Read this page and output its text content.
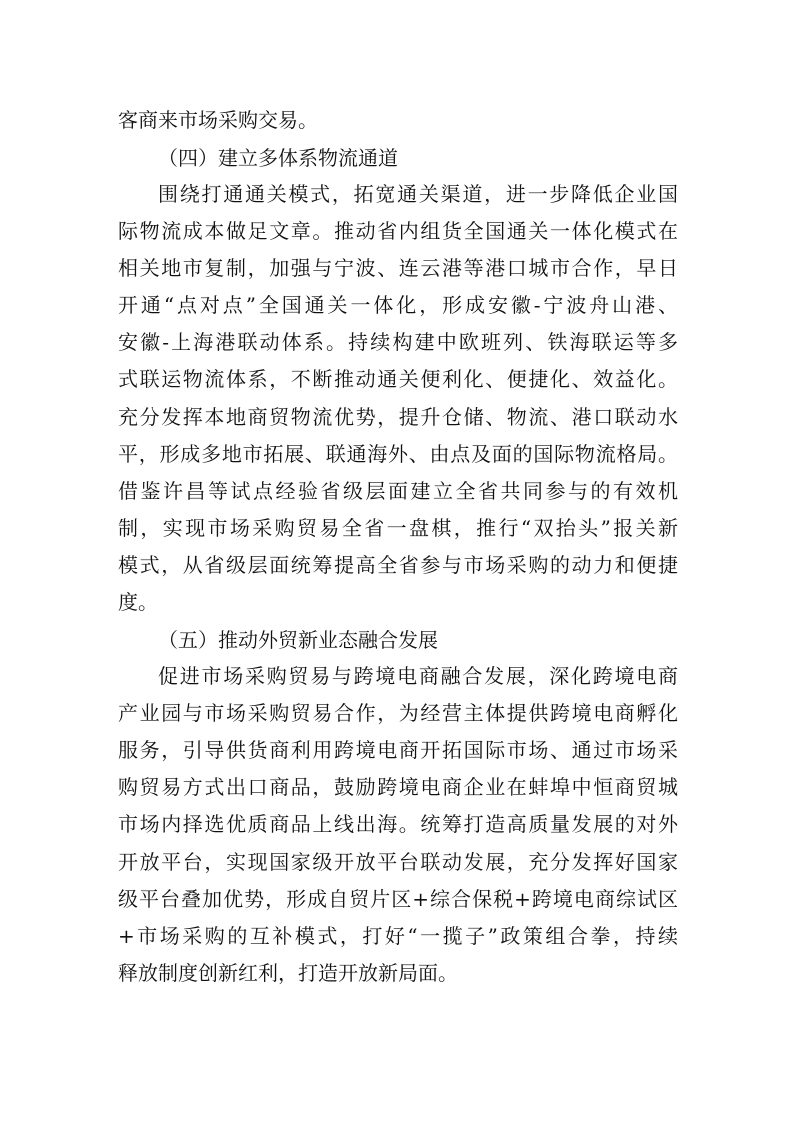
客商来市场采购交易。
（四）建立多体系物流通道
围绕打通通关模式，拓宽通关渠道，进一步降低企业国
际物流成本做足文章。推动省内组货全国通关一体化模式在
相关地市复制，加强与宁波、连云港等港口城市合作，早日
开通“点对点”全国通关一体化，形成安徽-宁波舟山港、
安徽-上海港联动体系。持续构建中欧班列、铁海联运等多
式联运物流体系，不断推动通关便利化、便捷化、效益化。
充分发挥本地商贸物流优势，提升仓储、物流、港口联动水
平，形成多地市拓展、联通海外、由点及面的国际物流格局。
借鉴许昌等试点经验省级层面建立全省共同参与的有效机
制，实现市场采购贸易全省一盘棋，推行“双抬头”报关新
模式，从省级层面统筹提高全省参与市场采购的动力和便捷
度。
（五）推动外贸新业态融合发展
促进市场采购贸易与跨境电商融合发展，深化跨境电商
产业园与市场采购贸易合作，为经营主体提供跨境电商孵化
服务，引导供货商利用跨境电商开拓国际市场、通过市场采
购贸易方式出口商品，鼓励跨境电商企业在蚌埠中恒商贸城
市场内择选优质商品上线出海。统筹打造高质量发展的对外
开放平台，实现国家级开放平台联动发展，充分发挥好国家
级平台叠加优势，形成自贸片区+综合保税+跨境电商综试区
+市场采购的互补模式，打好“一揽子”政策组合拳，持续
释放制度创新红利，打造开放新局面。
